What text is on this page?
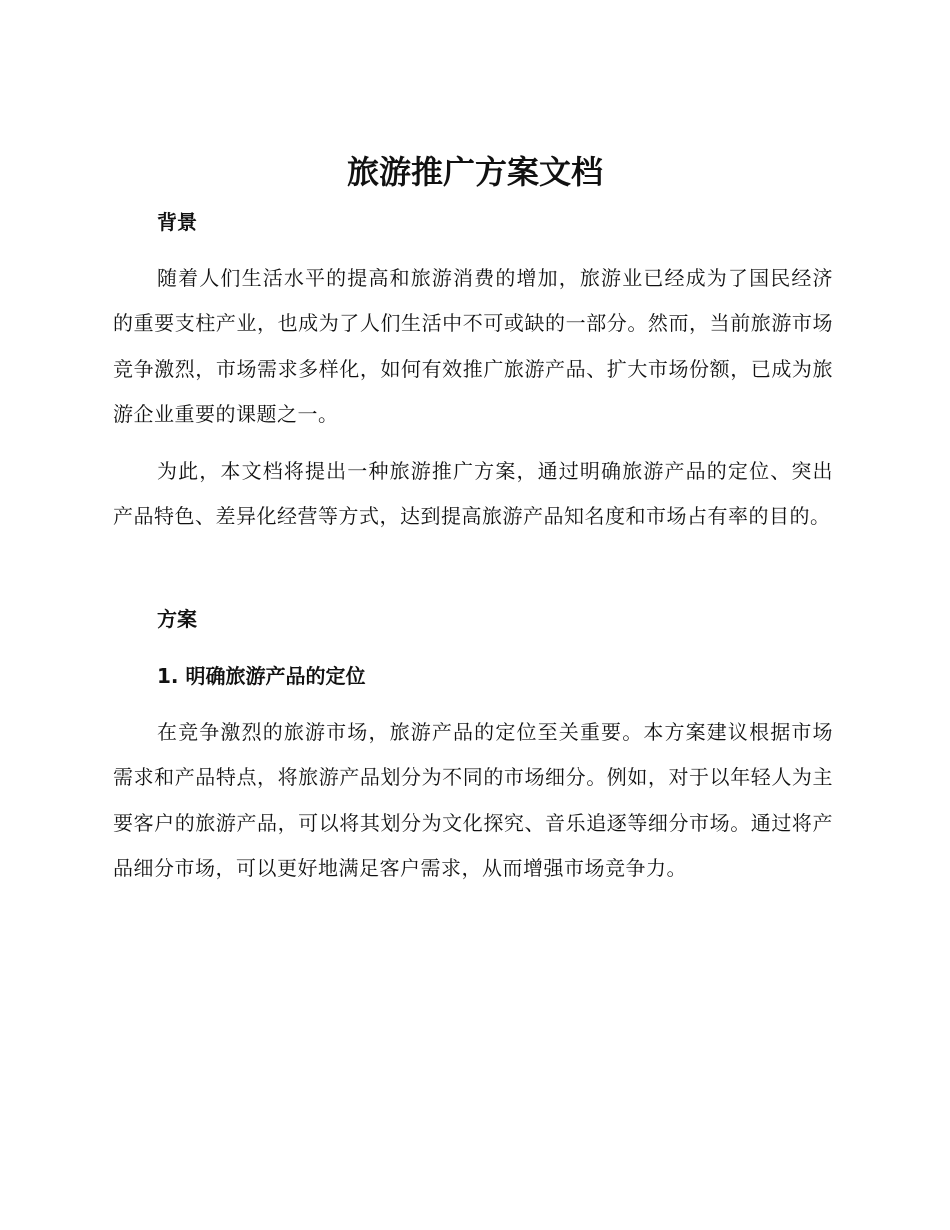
旅游推广方案文档
背景

随着人们生活水平的提高和旅游消费的增加，旅游业已经成为了国民经济的重要支柱产业，也成为了人们生活中不可或缺的一部分。然而，当前旅游市场竞争激烈，市场需求多样化，如何有效推广旅游产品、扩大市场份额，已成为旅游企业重要的课题之一。

为此，本文档将提出一种旅游推广方案，通过明确旅游产品的定位、突出产品特色、差异化经营等方式，达到提高旅游产品知名度和市场占有率的目的。

方案
1. 明确旅游产品的定位

在竞争激烈的旅游市场，旅游产品的定位至关重要。本方案建议根据市场需求和产品特点，将旅游产品划分为不同的市场细分。例如，对于以年轻人为主要客户的旅游产品，可以将其划分为文化探究、音乐追逐等细分市场。通过将产品细分市场，可以更好地满足客户需求，从而增强市场竞争力。
